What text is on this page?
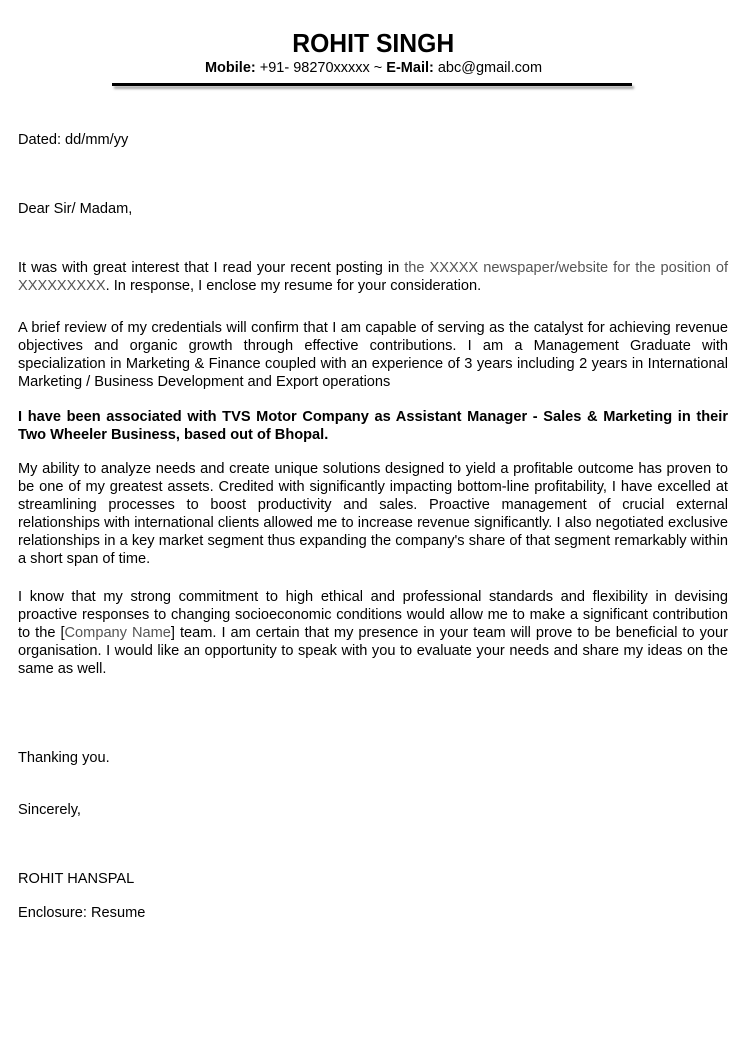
ROHIT SINGH
Mobile: +91- 98270xxxxx ~ E-Mail: abc@gmail.com
Dated: dd/mm/yy
Dear Sir/ Madam,
It was with great interest that I read your recent posting in the XXXXX newspaper/website for the position of XXXXXXXXX. In response, I enclose my resume for your consideration.
A brief review of my credentials will confirm that I am capable of serving as the catalyst for achieving revenue objectives and organic growth through effective contributions. I am a Management Graduate with specialization in Marketing & Finance coupled with an experience of 3 years including 2 years in International Marketing / Business Development and Export operations
I have been associated with TVS Motor Company as Assistant Manager - Sales & Marketing in their Two Wheeler Business, based out of Bhopal.
My ability to analyze needs and create unique solutions designed to yield a profitable outcome has proven to be one of my greatest assets. Credited with significantly impacting bottom-line profitability, I have excelled at streamlining processes to boost productivity and sales. Proactive management of crucial external relationships with international clients allowed me to increase revenue significantly. I also negotiated exclusive relationships in a key market segment thus expanding the company's share of that segment remarkably within a short span of time.
I know that my strong commitment to high ethical and professional standards and flexibility in devising proactive responses to changing socioeconomic conditions would allow me to make a significant contribution to the [Company Name] team. I am certain that my presence in your team will prove to be beneficial to your organisation. I would like an opportunity to speak with you to evaluate your needs and share my ideas on the same as well.
Thanking you.
Sincerely,
ROHIT HANSPAL
Enclosure: Resume
